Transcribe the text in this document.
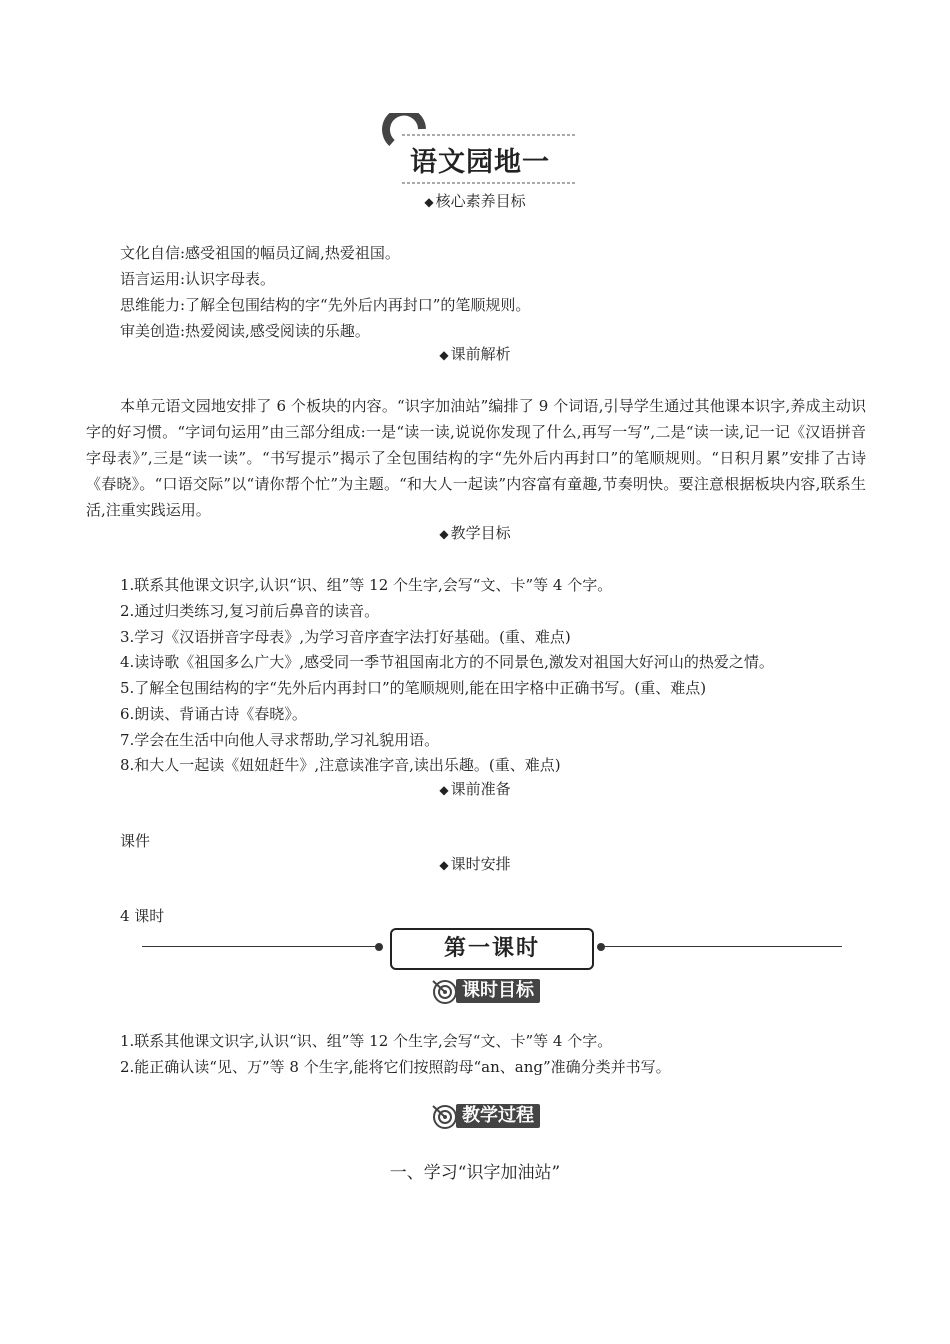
语文园地一
◆ 核心素养目标
文化自信:感受祖国的幅员辽阔,热爱祖国。
语言运用:认识字母表。
思维能力:了解全包围结构的字“先外后内再封口”的笔顺规则。
审美创造:热爱阅读,感受阅读的乐趣。
◆ 课前解析
本单元语文园地安排了 6 个板块的内容。“识字加油站”编排了 9 个词语,引导学生通过其他课本识字,养成主动识字的好习惯。“字词句运用”由三部分组成:一是“读一读,说说你发现了什么,再写一写”,二是“读一读,记一记《汉语拼音字母表》”,三是“读一读”。“书写提示”揭示了全包围结构的字“先外后内再封口”的笔顺规则。“日积月累”安排了古诗《春晓》。“口语交际”以“请你帮个忙”为主题。“和大人一起读”内容富有童趣,节奏明快。要注意根据板块内容,联系生活,注重实践运用。
◆ 教学目标
1.联系其他课文识字,认识“识、组”等 12 个生字,会写“文、卡”等 4 个字。
2.通过归类练习,复习前后鼻音的读音。
3.学习《汉语拼音字母表》,为学习音序查字法打好基础。(重、难点)
4.读诗歌《祖国多么广大》,感受同一季节祖国南北方的不同景色,激发对祖国大好河山的热爱之情。
5.了解全包围结构的字“先外后内再封口”的笔顺规则,能在田字格中正确书写。(重、难点)
6.朗读、背诵古诗《春晓》。
7.学会在生活中向他人寻求帮助,学习礼貌用语。
8.和大人一起读《妞妞赶牛》,注意读准字音,读出乐趣。(重、难点)
◆ 课前准备
课件
◆ 课时安排
4 课时
第一课时
课时目标
1.联系其他课文识字,认识“识、组”等 12 个生字,会写“文、卡”等 4 个字。
2.能正确认读“见、万”等 8 个生字,能将它们按照韵母“an、ang”准确分类并书写。
教学过程
一、学习“识字加油站”
